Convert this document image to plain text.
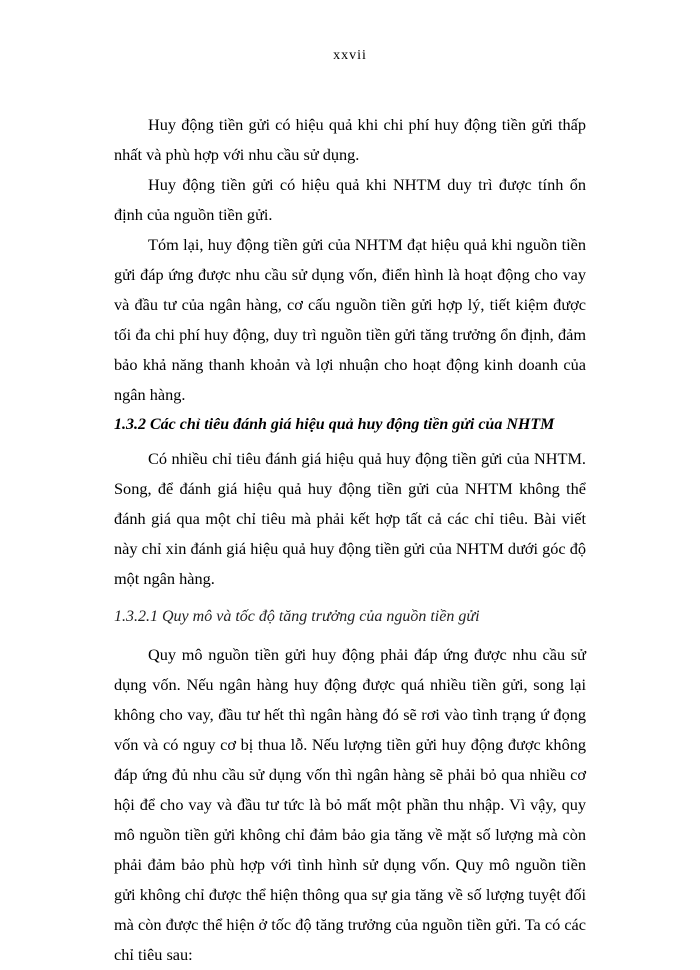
xxvii

Huy động tiền gửi có hiệu quả khi chi phí huy động tiền gửi thấp nhất và phù hợp với nhu cầu sử dụng.

Huy động tiền gửi có hiệu quả khi NHTM duy trì được tính ổn định của nguồn tiền gửi.

Tóm lại, huy động tiền gửi của NHTM đạt hiệu quả khi nguồn tiền gửi đáp ứng được nhu cầu sử dụng vốn, điển hình là hoạt động cho vay và đầu tư của ngân hàng, cơ cấu nguồn tiền gửi hợp lý, tiết kiệm được tối đa chi phí huy động, duy trì nguồn tiền gửi tăng trưởng ổn định, đảm bảo khả năng thanh khoản và lợi nhuận cho hoạt động kinh doanh của ngân hàng.

1.3.2 Các chỉ tiêu đánh giá hiệu quả huy động tiền gửi của NHTM

Có nhiều chỉ tiêu đánh giá hiệu quả huy động tiền gửi của NHTM. Song, để đánh giá hiệu quả huy động tiền gửi của NHTM không thể đánh giá qua một chỉ tiêu mà phải kết hợp tất cả các chỉ tiêu. Bài viết này chỉ xin đánh giá hiệu quả huy động tiền gửi của NHTM dưới góc độ một ngân hàng.

1.3.2.1 Quy mô và tốc độ tăng trưởng của nguồn tiền gửi

Quy mô nguồn tiền gửi huy động phải đáp ứng được nhu cầu sử dụng vốn. Nếu ngân hàng huy động được quá nhiều tiền gửi, song lại không cho vay, đầu tư hết thì ngân hàng đó sẽ rơi vào tình trạng ứ đọng vốn và có nguy cơ bị thua lỗ. Nếu lượng tiền gửi huy động được không đáp ứng đủ nhu cầu sử dụng vốn thì ngân hàng sẽ phải bỏ qua nhiều cơ hội để cho vay và đầu tư tức là bỏ mất một phần thu nhập. Vì vậy, quy mô nguồn tiền gửi không chỉ đảm bảo gia tăng về mặt số lượng mà còn phải đảm bảo phù hợp với tình hình sử dụng vốn. Quy mô nguồn tiền gửi không chỉ được thể hiện thông qua sự gia tăng về số lượng tuyệt đối mà còn được thể hiện ở tốc độ tăng trưởng của nguồn tiền gửi. Ta có các chỉ tiêu sau:
